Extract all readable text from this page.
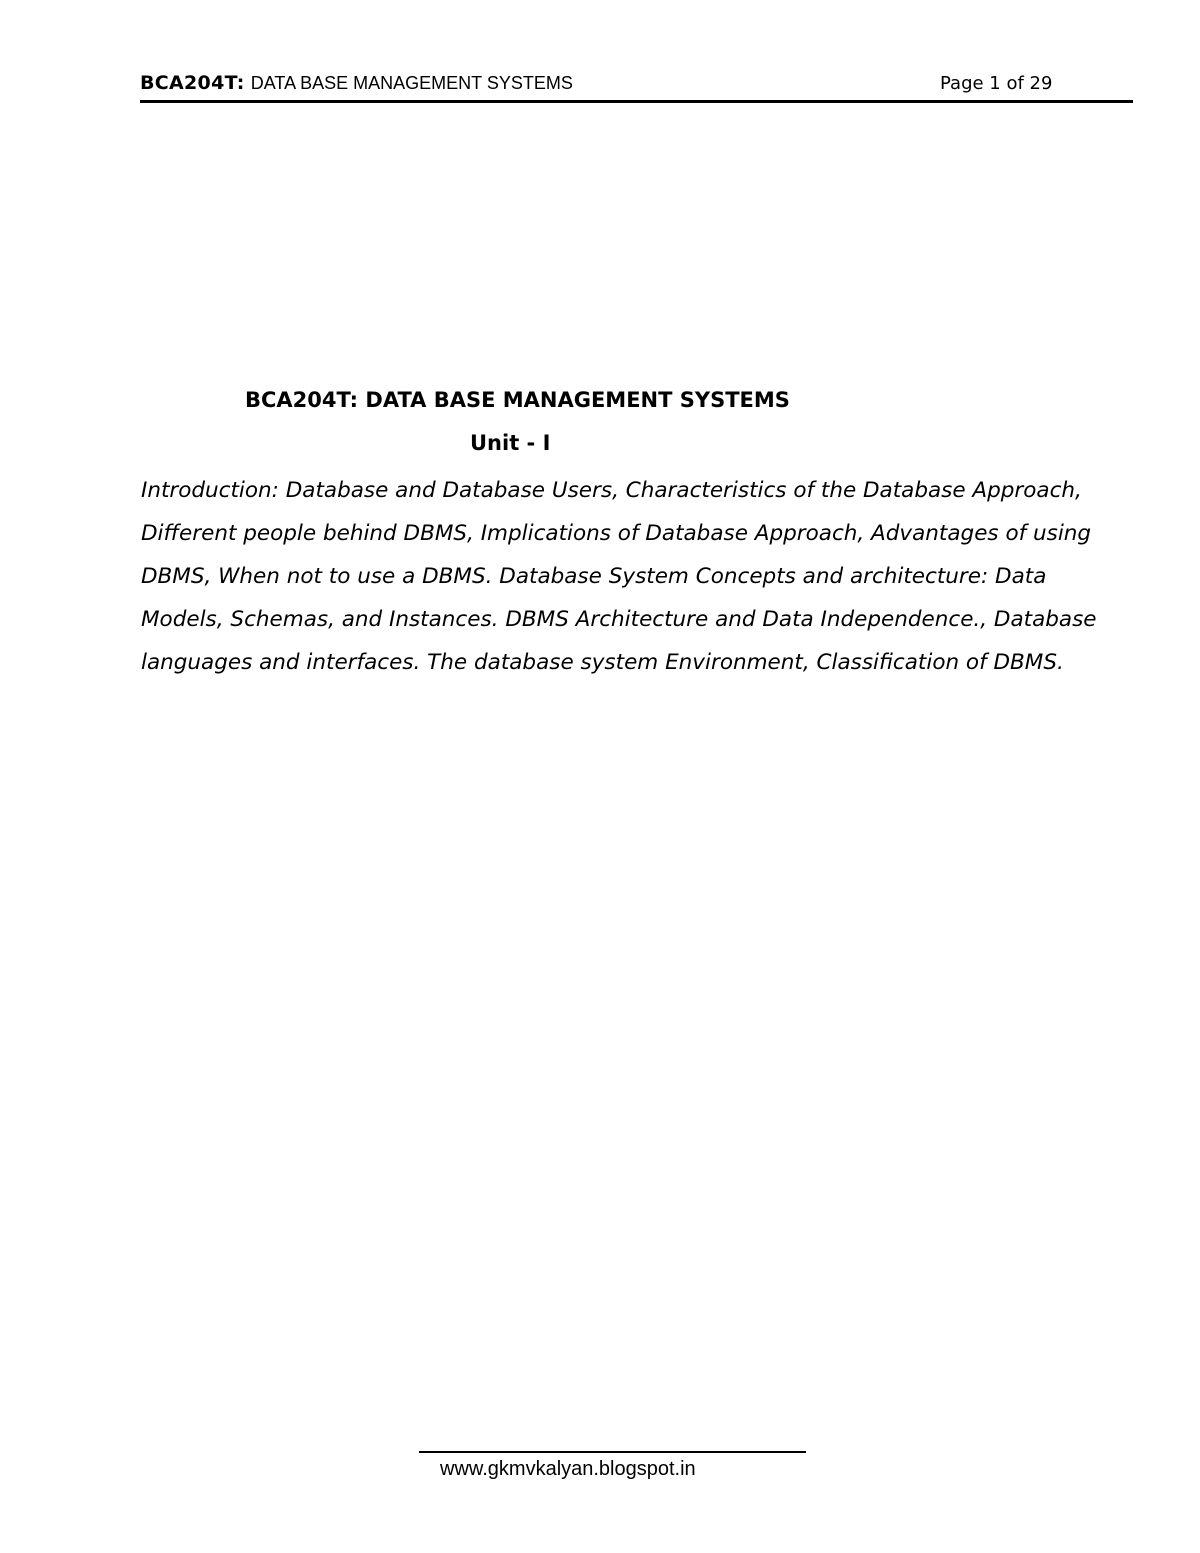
BCA204T: DATA BASE MANAGEMENT SYSTEMS	Page 1 of 29
BCA204T: DATA BASE MANAGEMENT SYSTEMS
Unit - I

Introduction: Database and Database Users, Characteristics of the Database Approach, Different people behind DBMS, Implications of Database Approach, Advantages of using DBMS, When not to use a DBMS. Database System Concepts and architecture: Data Models, Schemas, and Instances. DBMS Architecture and Data Independence., Database languages and interfaces. The database system Environment, Classification of DBMS.

www.gkmvkalyan.blogspot.in
